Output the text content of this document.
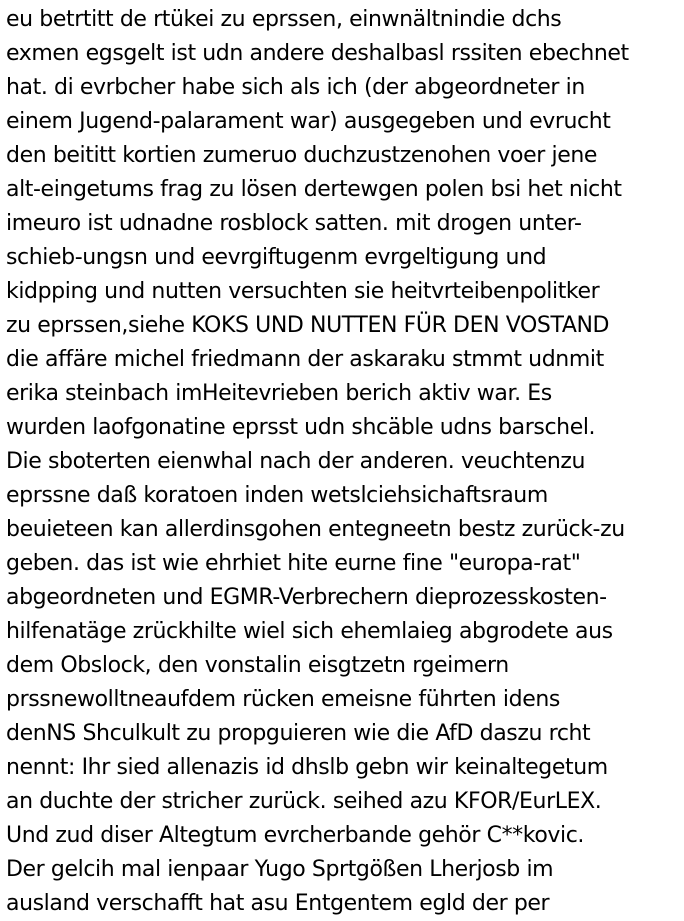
eu betrtitt de rtükei zu eprssen, einwnältnindie dchs
exmen egsgelt ist udn andere deshalbasl rssiten ebechnet
hat. di evrbcher habe sich als ich (der abgeordneter in
einem Jugend-palarament war) ausgegeben und evrucht
den beititt kortien zumeruo duchzustzenohen voer jene
alt-eingetums frag zu lösen dertewgen polen bsi het nicht
imeuro ist udnadne rosblock satten. mit drogen unter-
schieb-ungsn und eevrgiftugenm evrgeltigung und
kidpping und nutten versuchten sie heitvrteibenpolitker
zu eprssen,siehe KOKS UND NUTTEN FÜR DEN VOSTAND
die affäre michel friedmann der askaraku stmmt udnmit
erika steinbach imHeitevrieben berich aktiv war. Es
wurden laofgonatine eprsst udn shcäble udns barschel.
Die sboterten eienwhal nach der anderen. veuchtenzu
eprssne daß koratoen inden wetslciehsichaftsraum
beuieteen kan allerdinsgohen entegneetn bestz zurück-zu
geben. das ist wie ehrhiet hite eurne fine "europa-rat"
abgeordneten und EGMR-Verbrechern dieprozesskosten-
hilfenatäge zrückhilte wiel sich ehemlaieg abgrodete aus
dem Obslock, den vonstalin eisgtzetn rgeimern
prssnewolltneaufdem rücken emeisne führten idens
denNS Shculkult zu propguieren wie die AfD daszu rcht
nennt: Ihr sied allenazis id dhslb gebn wir keinaltegetum
an duchte der stricher zurück. seihed azu KFOR/EurLEX.
Und zud diser Altegtum evrcherbande gehör C**kovic.
Der gelcih mal ienpaar Yugo Sprtgößen Lherjosb im
ausland verschafft hat asu Entgentem egld der per
